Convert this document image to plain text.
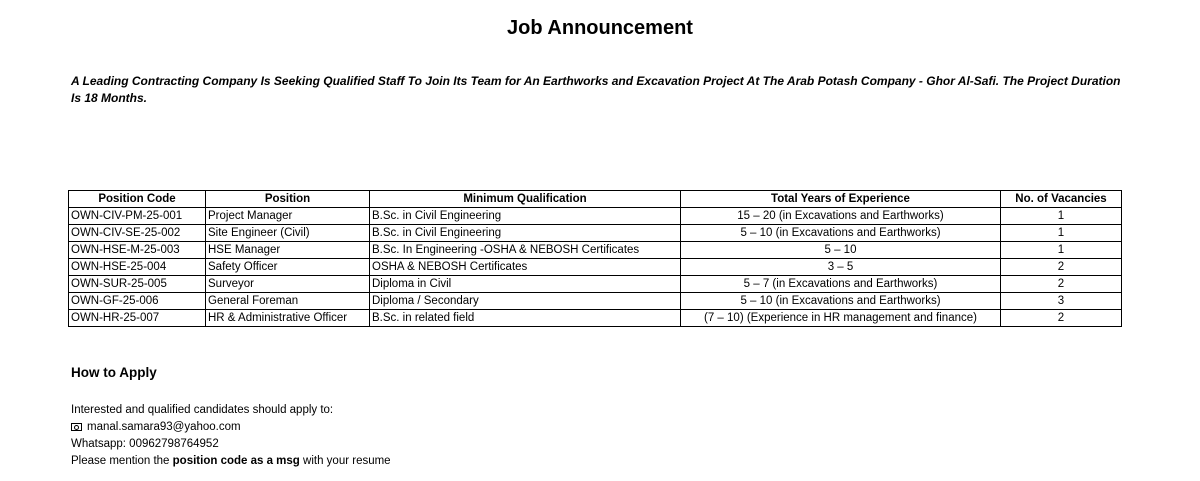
Job Announcement
A Leading Contracting Company Is Seeking Qualified Staff To Join Its Team for An Earthworks and Excavation Project At The Arab Potash Company - Ghor Al-Safi. The Project Duration Is 18 Months.
Position Code	Position	Minimum Qualification	Total Years of Experience	No. of Vacancies
OWN-CIV-PM-25-001	Project Manager	B.Sc. in Civil Engineering	15 – 20 (in Excavations and Earthworks)	1
OWN-CIV-SE-25-002	Site Engineer (Civil)	B.Sc. in Civil Engineering	5 – 10 (in Excavations and Earthworks)	1
OWN-HSE-M-25-003	HSE Manager	B.Sc. In Engineering -OSHA & NEBOSH Certificates	5 – 10	1
OWN-HSE-25-004	Safety Officer	OSHA & NEBOSH Certificates	3 – 5	2
OWN-SUR-25-005	Surveyor	Diploma in Civil	5 – 7 (in Excavations and Earthworks)	2
OWN-GF-25-006	General Foreman	Diploma / Secondary	5 – 10 (in Excavations and Earthworks)	3
OWN-HR-25-007	HR & Administrative Officer	B.Sc. in related field	(7 – 10) (Experience in HR management and finance)	2
How to Apply
Interested and qualified candidates should apply to:
manal.samara93@yahoo.com
Whatsapp: 00962798764952
Please mention the position code as a msg with your resume
